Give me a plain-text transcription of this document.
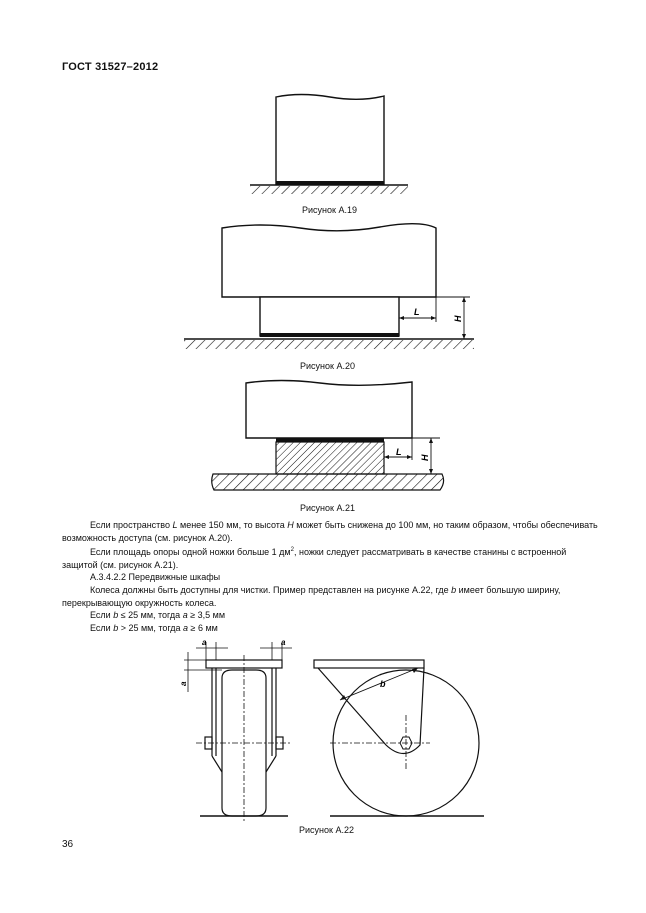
ГОСТ 31527–2012
L
H
L
H
a	a
a	b
Рисунок А.19
Рисунок А.20
Рисунок А.21

Если пространство L менее 150 мм, то высота H может быть снижена до 100 мм, но таким образом, чтобы обеспечивать возможность доступа (см. рисунок А.20).

Если площадь опоры одной ножки больше 1 $дм^2$, ножки следует рассматривать в качестве станины с встроенной защитой (см. рисунок А.21).

А.3.4.2.2 Передвижные шкафы

Колеса должны быть доступны для чистки. Пример представлен на рисунке А.22, где b имеет большую ширину, перекрывающую окружность колеса.

Если b ≤ 25 мм, тогда a ≥ 3,5 мм

Если b > 25 мм, тогда a ≥ 6 мм

Рисунок А.22
36
